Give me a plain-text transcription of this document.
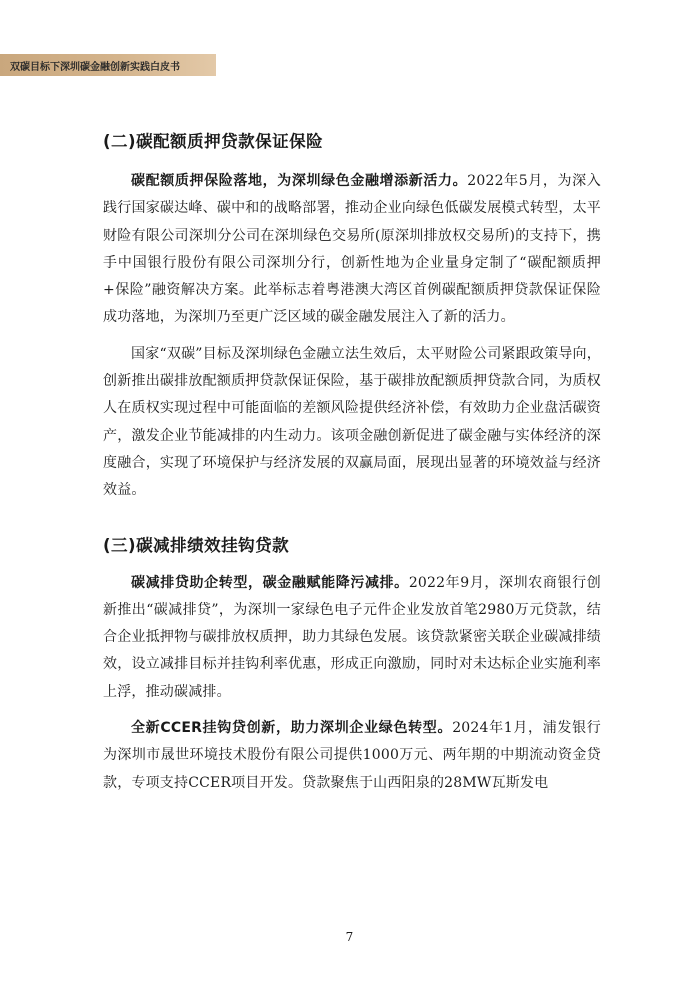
双碳目标下深圳碳金融创新实践白皮书
(二)碳配额质押贷款保证保险

碳配额质押保险落地，为深圳绿色金融增添新活力。2022年5月，为深入践行国家碳达峰、碳中和的战略部署，推动企业向绿色低碳发展模式转型，太平财险有限公司深圳分公司在深圳绿色交易所(原深圳排放权交易所)的支持下，携手中国银行股份有限公司深圳分行，创新性地为企业量身定制了“碳配额质押+保险”融资解决方案。此举标志着粤港澳大湾区首例碳配额质押贷款保证保险成功落地，为深圳乃至更广泛区域的碳金融发展注入了新的活力。

国家“双碳”目标及深圳绿色金融立法生效后，太平财险公司紧跟政策导向，创新推出碳排放配额质押贷款保证保险，基于碳排放配额质押贷款合同，为质权人在质权实现过程中可能面临的差额风险提供经济补偿，有效助力企业盘活碳资产，激发企业节能减排的内生动力。该项金融创新促进了碳金融与实体经济的深度融合，实现了环境保护与经济发展的双赢局面，展现出显著的环境效益与经济效益。

(三)碳减排绩效挂钩贷款

碳减排贷助企转型，碳金融赋能降污减排。2022年9月，深圳农商银行创新推出“碳减排贷”，为深圳一家绿色电子元件企业发放首笔2980万元贷款，结合企业抵押物与碳排放权质押，助力其绿色发展。该贷款紧密关联企业碳减排绩效，设立减排目标并挂钩利率优惠，形成正向激励，同时对未达标企业实施利率上浮，推动碳减排。

全新CCER挂钩贷创新，助力深圳企业绿色转型。2024年1月，浦发银行为深圳市晟世环境技术股份有限公司提供1000万元、两年期的中期流动资金贷款，专项支持CCER项目开发。贷款聚焦于山西阳泉的28MW瓦斯发电

7
